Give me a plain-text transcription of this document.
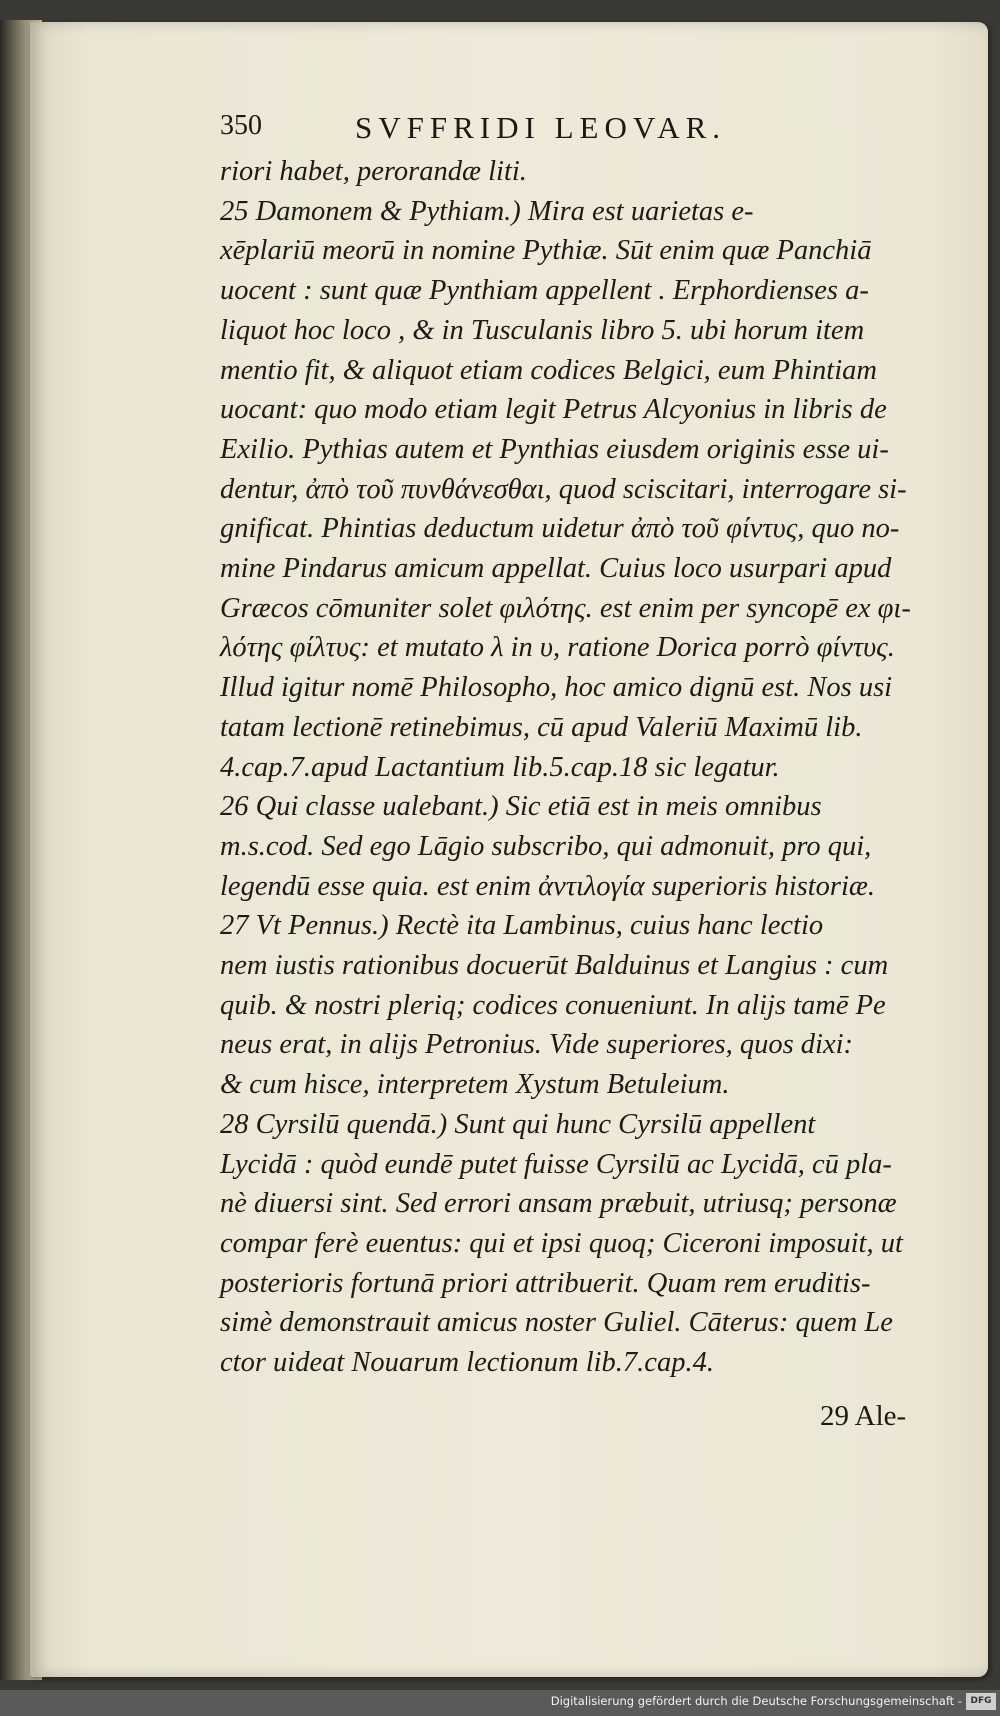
350	SVFFRIDI LEOVAR.
riori habet, perorandæ liti.
25 Damonem & Pythiam.) Mira est uarietas e-
xēplariū meorū in nomine Pythiæ. Sūt enim quæ Panchiā
uocent : sunt quæ Pynthiam appellent . Erphordienses a-
liquot hoc loco , & in Tusculanis libro 5. ubi horum item
mentio fit, & aliquot etiam codices Belgici, eum Phintiam
uocant: quo modo etiam legit Petrus Alcyonius in libris de
Exilio. Pythias autem et Pynthias eiusdem originis esse ui-
dentur, ἀπὸ τοῦ πυνθάνεσθαι, quod sciscitari, interrogare si-
gnificat. Phintias deductum uidetur ἀπὸ τοῦ φίντυς, quo no-
mine Pindarus amicum appellat. Cuius loco usurpari apud
Græcos cōmuniter solet φιλότης. est enim per syncopē ex φι-
λότης φίλτυς: et mutato λ in υ, ratione Dorica porrò φίντυς.
Illud igitur nomē Philosopho, hoc amico dignū est. Nos usi
tatam lectionē retinebimus, cū apud Valeriū Maximū lib.
4.cap.7.apud Lactantium lib.5.cap.18 sic legatur.
26 Qui classe ualebant.) Sic etiā est in meis omnibus
m.s.cod. Sed ego Lāgio subscribo, qui admonuit, pro qui,
legendū esse quia. est enim ἀντιλογία superioris historiæ.
27 Vt Pennus.) Rectè ita Lambinus, cuius hanc lectio
nem iustis rationibus docuerūt Balduinus et Langius : cum
quib. & nostri pleriq; codices conueniunt. In alijs tamē Pe
neus erat, in alijs Petronius. Vide superiores, quos dixi:
& cum hisce, interpretem Xystum Betuleium.
28 Cyrsilū quendā.) Sunt qui hunc Cyrsilū appellent
Lycidā : quòd eundē putet fuisse Cyrsilū ac Lycidā, cū pla-
nè diuersi sint. Sed errori ansam præbuit, utriusq; personæ
compar ferè euentus: qui et ipsi quoq; Ciceroni imposuit, ut
posterioris fortunā priori attribuerit. Quam rem eruditis-
simè demonstrauit amicus noster Guliel. Cāterus: quem Le
ctor uideat Nouarum lectionum lib.7.cap.4.
29 Ale-
Digitalisierung gefördert durch die Deutsche Forschungsgemeinschaft - DFG
